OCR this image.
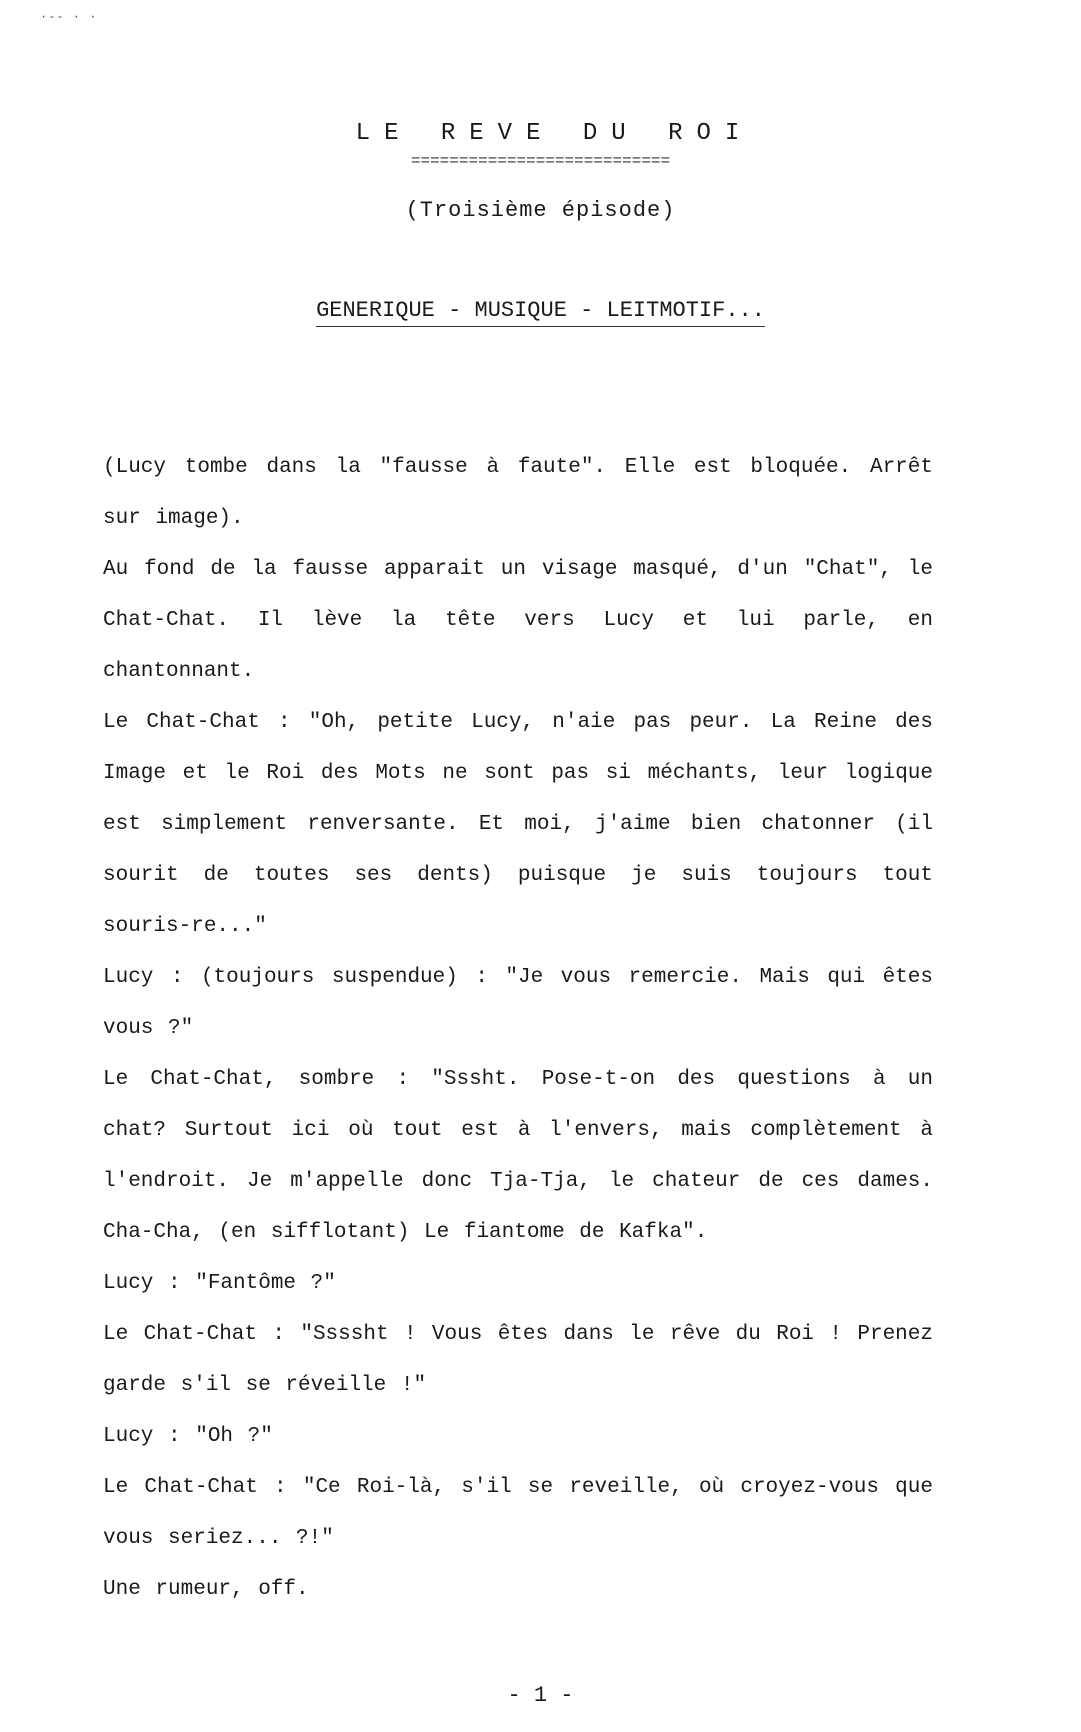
·-- · ·
LE REVE DU ROI
===========================
(Troisième épisode)
GENERIQUE - MUSIQUE - LEITMOTIF...

(Lucy tombe dans la "fausse à faute". Elle est bloquée. Arrêt sur image).

Au fond de la fausse apparait un visage masqué, d'un "Chat", le Chat-Chat. Il lève la tête vers Lucy et lui parle, en chantonnant.

Le Chat-Chat : "Oh, petite Lucy, n'aie pas peur. La Reine des Image et le Roi des Mots ne sont pas si méchants, leur logique est simplement renversante. Et moi, j'aime bien chatonner (il sourit de toutes ses dents) puisque je suis toujours tout souris-re..."

Lucy : (toujours suspendue) : "Je vous remercie. Mais qui êtes vous ?"

Le Chat-Chat, sombre : "Sssht. Pose-t-on des questions à un chat? Surtout ici où tout est à l'envers, mais complètement à l'endroit. Je m'appelle donc Tja-Tja, le chateur de ces dames. Cha-Cha, (en sifflotant) Le fiantome de Kafka".

Lucy : "Fantôme ?"

Le Chat-Chat : "Ssssht ! Vous êtes dans le rêve du Roi ! Prenez garde s'il se réveille !"

Lucy : "Oh ?"

Le Chat-Chat : "Ce Roi-là, s'il se reveille, où croyez-vous que vous seriez... ?!"

Une rumeur, off.

- 1 -
